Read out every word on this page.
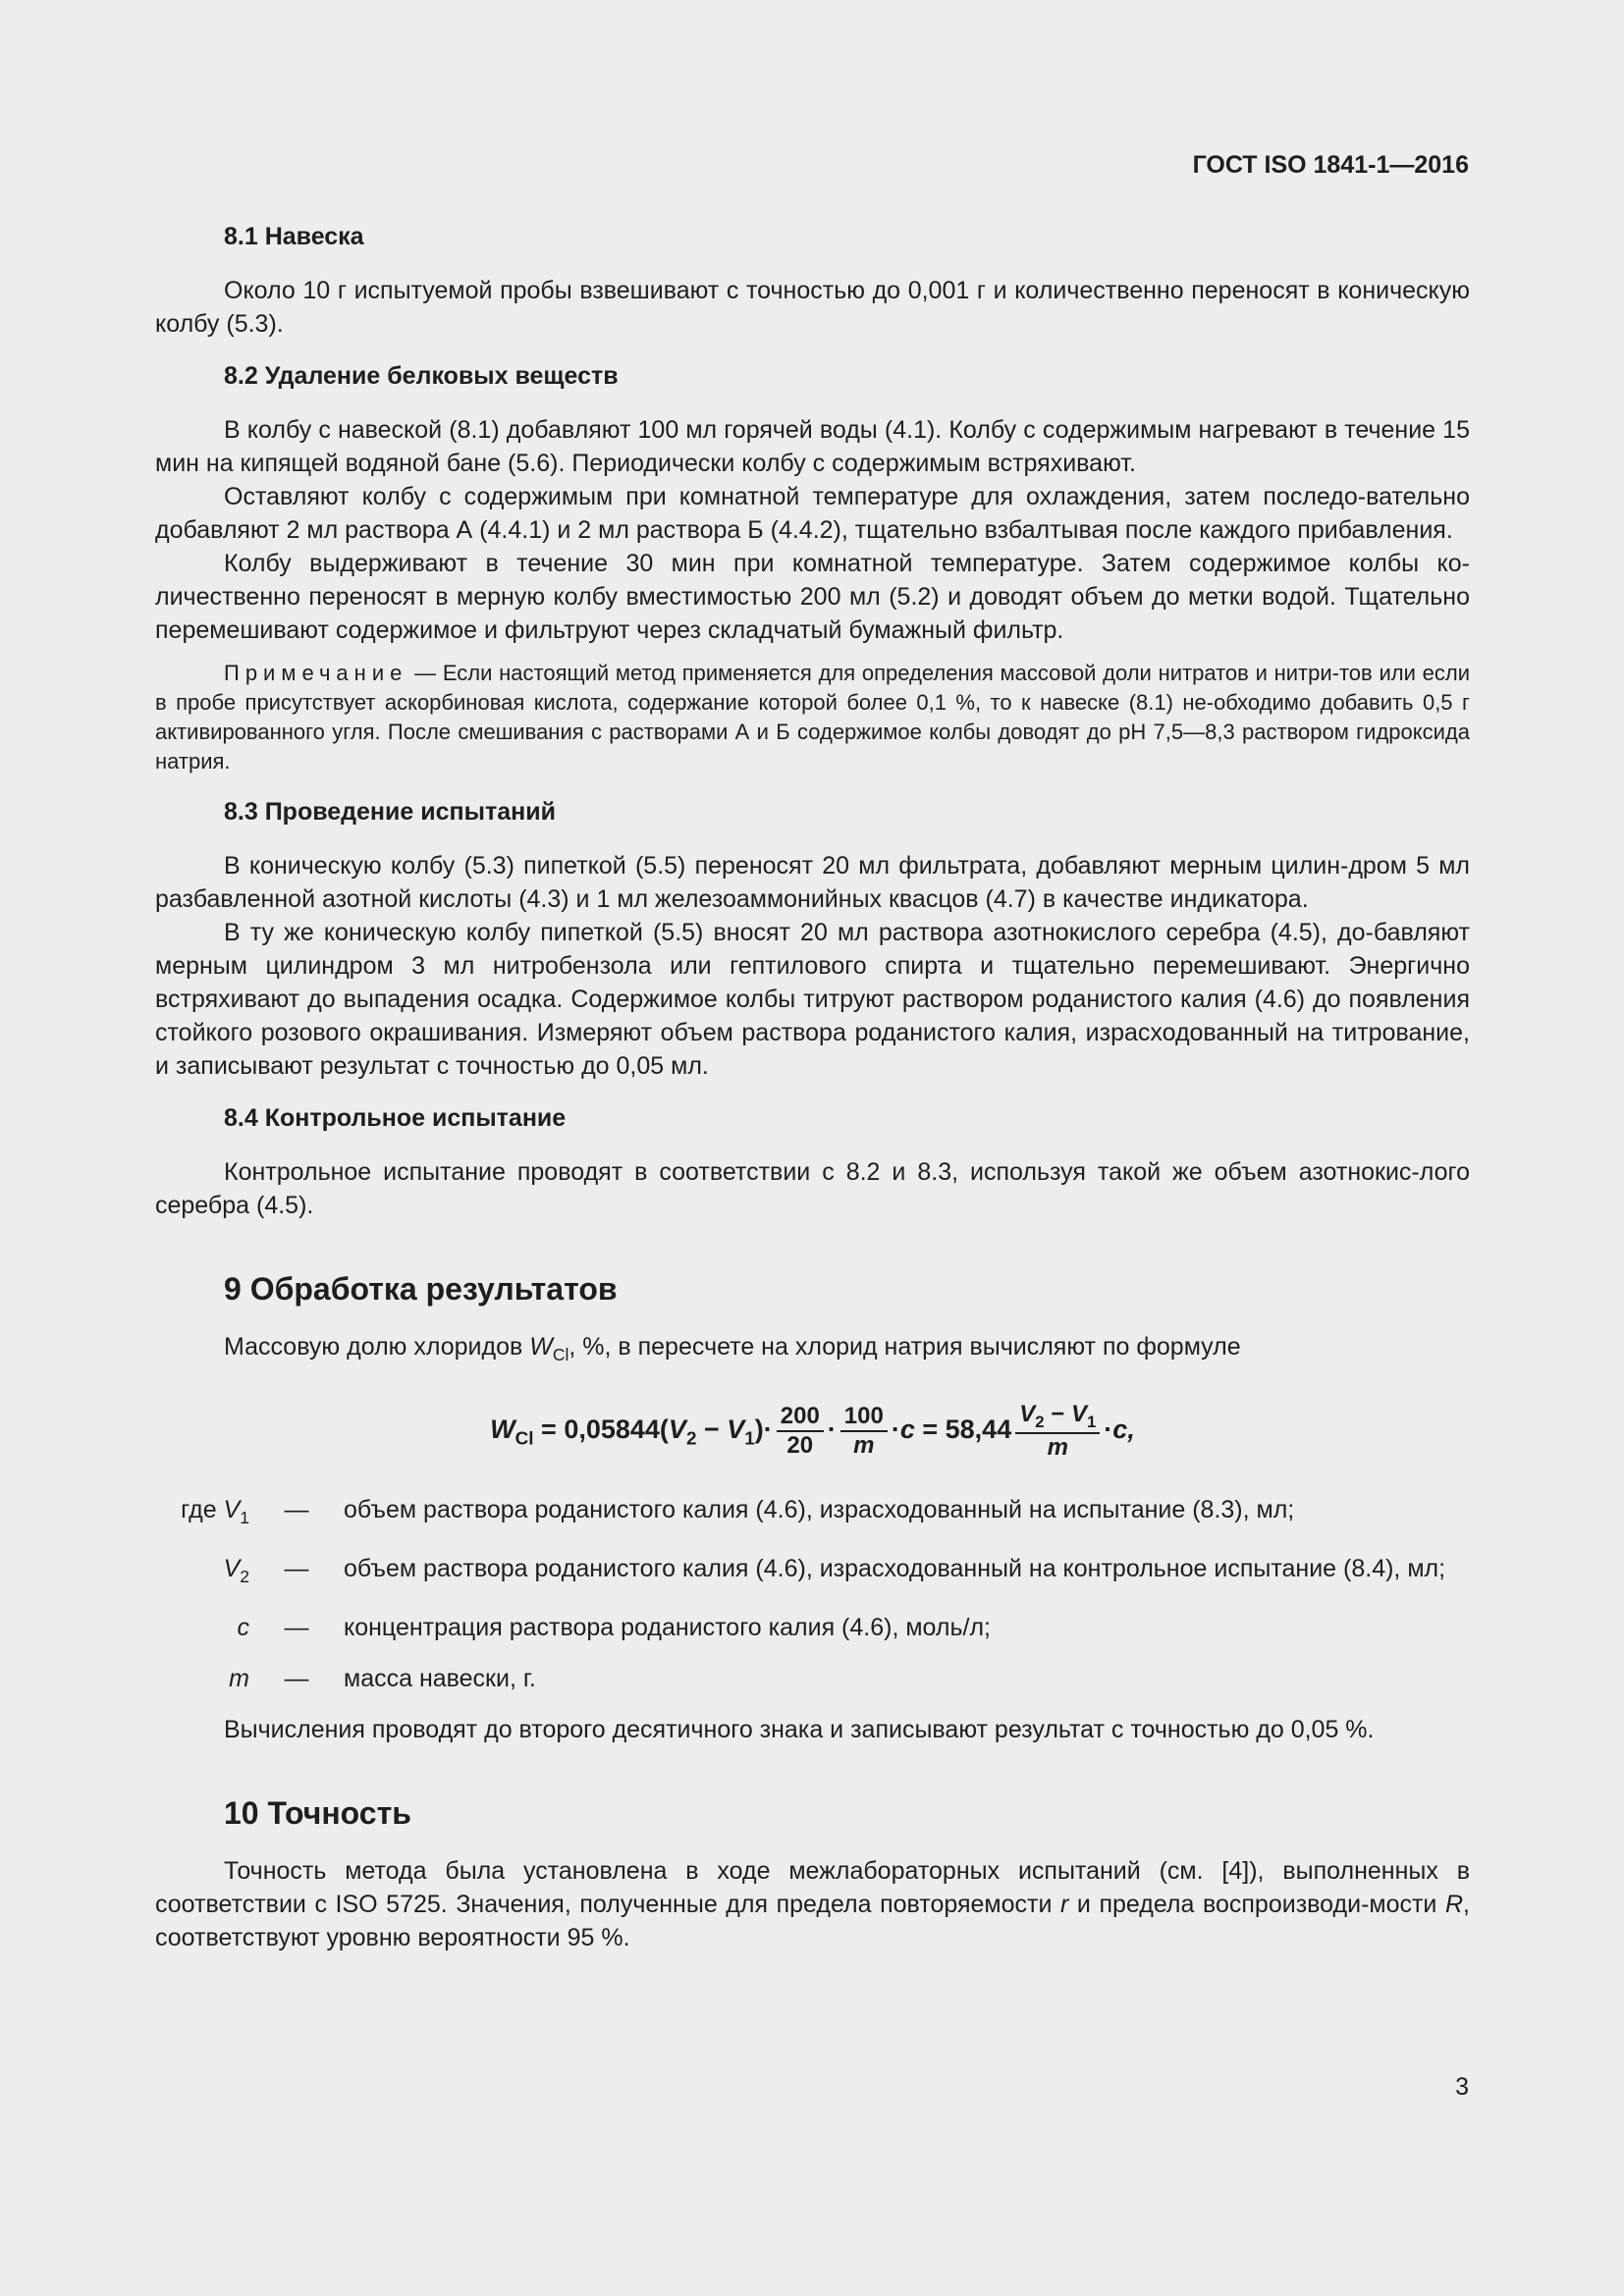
ГОСТ ISO 1841-1—2016
8.1 Навеска

Около 10 г испытуемой пробы взвешивают с точностью до 0,001 г и количественно переносят в коническую колбу (5.3).

8.2 Удаление белковых веществ

В колбу с навеской (8.1) добавляют 100 мл горячей воды (4.1). Колбу с содержимым нагревают в течение 15 мин на кипящей водяной бане (5.6). Периодически колбу с содержимым встряхивают.

Оставляют колбу с содержимым при комнатной температуре для охлаждения, затем последо-вательно добавляют 2 мл раствора А (4.4.1) и 2 мл раствора Б (4.4.2), тщательно взбалтывая после каждого прибавления.

Колбу выдерживают в течение 30 мин при комнатной температуре. Затем содержимое колбы ко-личественно переносят в мерную колбу вместимостью 200 мл (5.2) и доводят объем до метки водой. Тщательно перемешивают содержимое и фильтруют через складчатый бумажный фильтр.

Примечание — Если настоящий метод применяется для определения массовой доли нитратов и нитри-тов или если в пробе присутствует аскорбиновая кислота, содержание которой более 0,1 %, то к навеске (8.1) не-обходимо добавить 0,5 г активированного угля. После смешивания с растворами А и Б содержимое колбы доводят до pH 7,5—8,3 раствором гидроксида натрия.

8.3 Проведение испытаний

В коническую колбу (5.3) пипеткой (5.5) переносят 20 мл фильтрата, добавляют мерным цилин-дром 5 мл разбавленной азотной кислоты (4.3) и 1 мл железоаммонийных квасцов (4.7) в качестве индикатора.

В ту же коническую колбу пипеткой (5.5) вносят 20 мл раствора азотнокислого серебра (4.5), до-бавляют мерным цилиндром 3 мл нитробензола или гептилового спирта и тщательно перемешивают. Энергично встряхивают до выпадения осадка. Содержимое колбы титруют раствором роданистого калия (4.6) до появления стойкого розового окрашивания. Измеряют объем раствора роданистого калия, израсходованный на титрование, и записывают результат с точностью до 0,05 мл.

8.4 Контрольное испытание

Контрольное испытание проводят в соответствии с 8.2 и 8.3, используя такой же объем азотнокис-лого серебра (4.5).

9 Обработка результатов

Массовую долю хлоридов $W_{Cl}$, %, в пересчете на хлорид натрия вычисляют по формуле

$W_{Cl} = 0,05844(V_2 - V_1)\cdot \frac{200}{20} \cdot \frac{100}{m} \cdot c = 58,44 \frac{V_2 - V_1}{m} \cdot c$,
где $V_1$	—	объем раствора роданистого калия (4.6), израсходованный на испытание (8.3), мл;
$V_2$	—	объем раствора роданистого калия (4.6), израсходованный на контрольное испытание (8.4), мл;
c	—	концентрация раствора роданистого калия (4.6), моль/л;
m	—	масса навески, г.

Вычисления проводят до второго десятичного знака и записывают результат с точностью до 0,05 %.

10 Точность

Точность метода была установлена в ходе межлабораторных испытаний (см. [4]), выполненных в соответствии с ISO 5725. Значения, полученные для предела повторяемости r и предела воспроизводи-мости R, соответствуют уровню вероятности 95 %.

3
